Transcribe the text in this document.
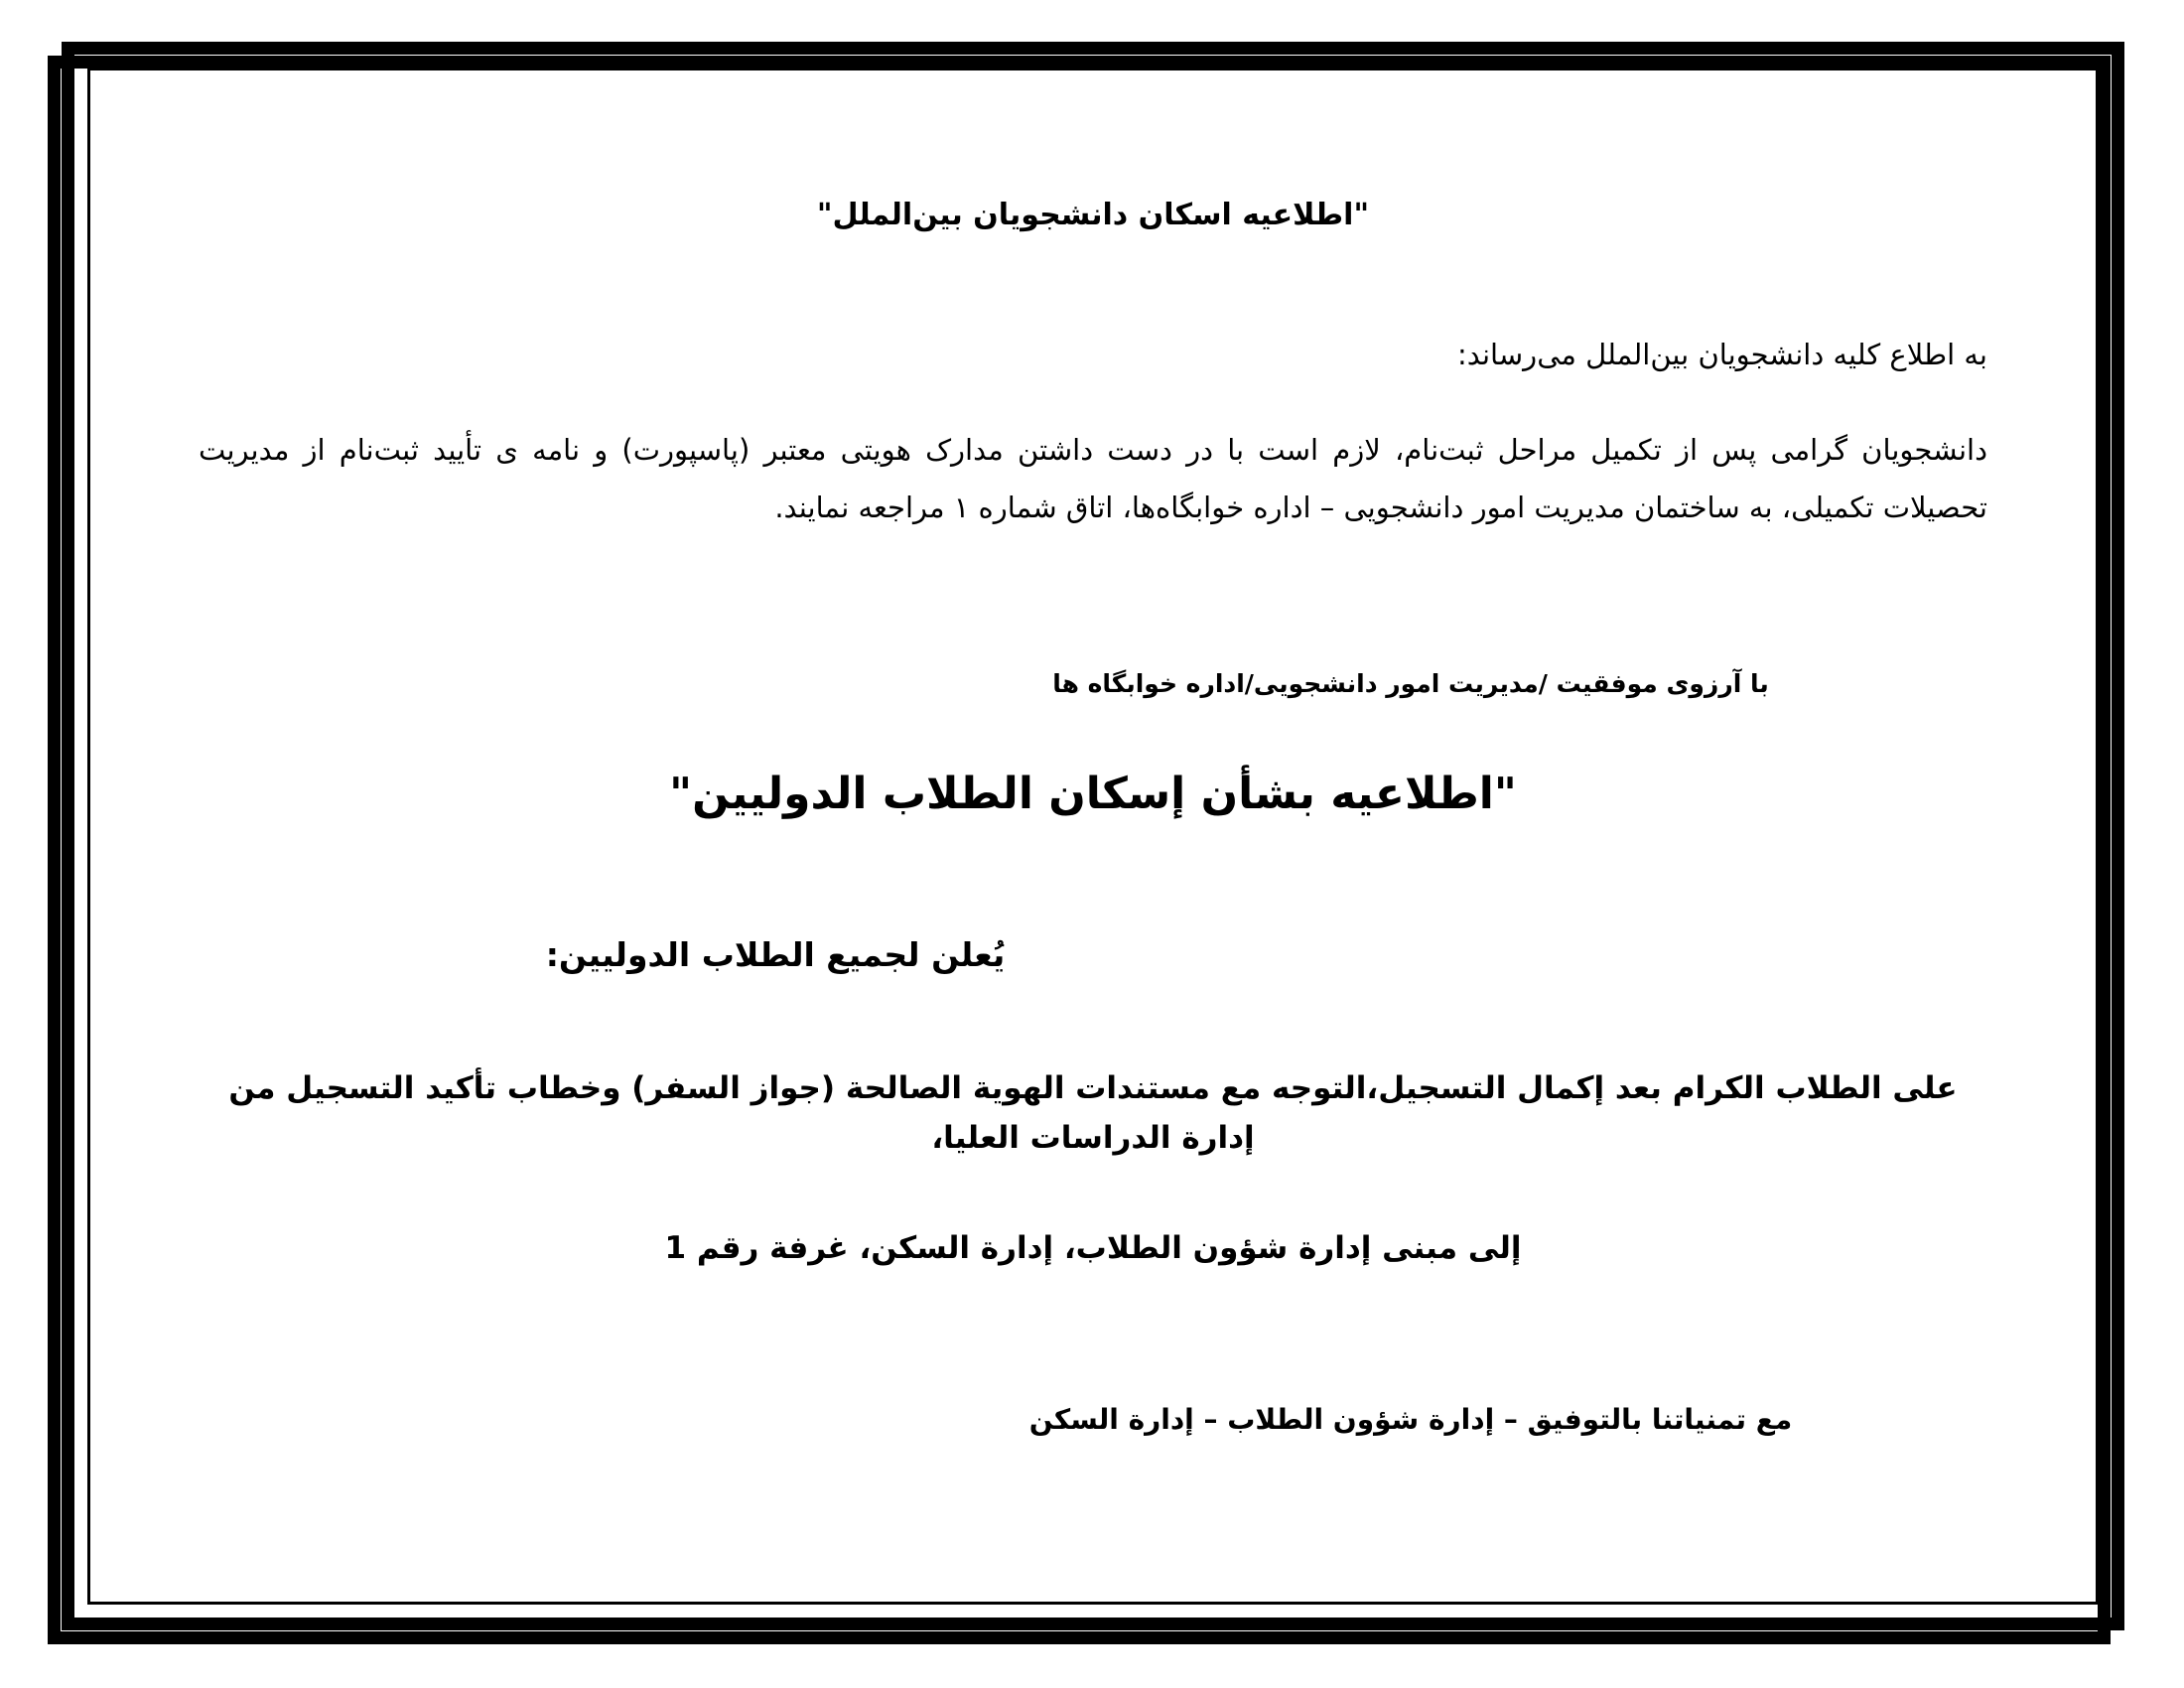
"اطلاعیه اسکان دانشجویان بین‌الملل"
به اطلاع کلیه دانشجویان بین‌الملل می‌رساند:
دانشجویان گرامی پس از تکمیل مراحل ثبت‌نام، لازم است با در دست داشتن مدارک هویتی معتبر (پاسپورت) و نامه ی تأیید ثبت‌نام از مدیریت تحصیلات تکمیلی، به ساختمان مدیریت امور دانشجویی – اداره خوابگاه‌ها، اتاق شماره ۱ مراجعه نمایند.
با آرزوی موفقیت /مدیریت امور دانشجویی/اداره خوابگاه ها
"اطلاعیه بشأن إسكان الطلاب الدوليين"
يُعلن لجميع الطلاب الدوليين:
على الطلاب الكرام بعد إكمال التسجيل،التوجه مع مستندات الهوية الصالحة (جواز السفر) وخطاب تأكيد التسجيل من إدارة الدراسات العليا،
إلى مبنى إدارة شؤون الطلاب، إدارة السكن، غرفة رقم 1
مع تمنياتنا بالتوفيق – إدارة شؤون الطلاب – إدارة السكن
